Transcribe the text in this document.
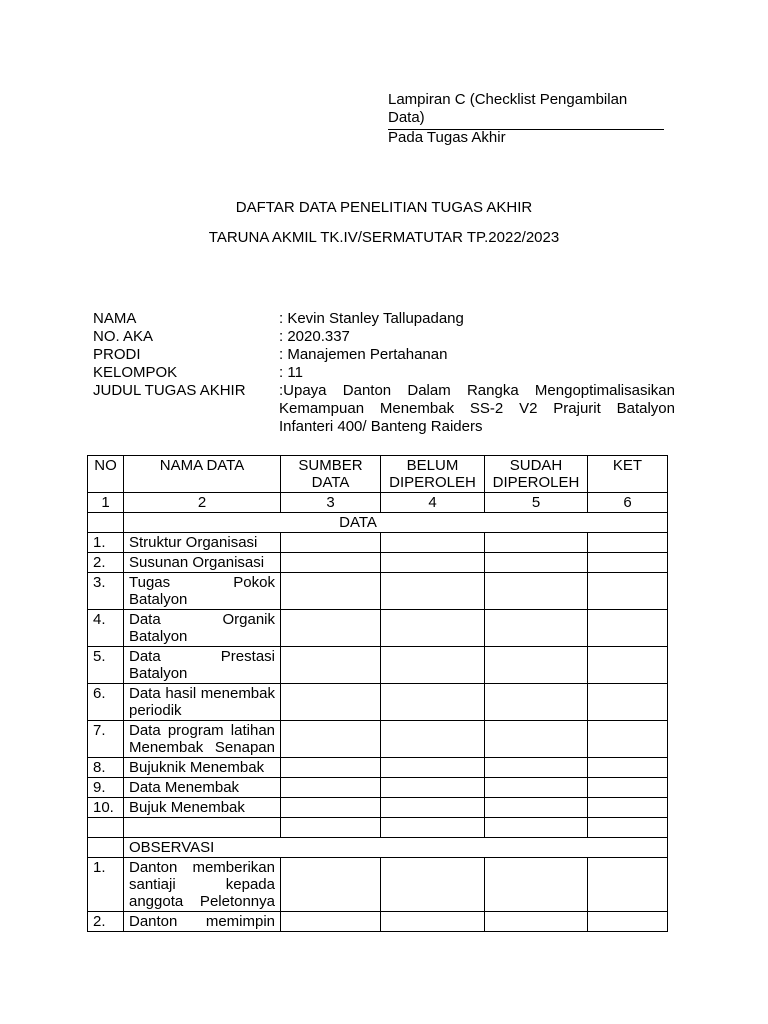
Lampiran C (Checklist Pengambilan
Data)
Pada Tugas Akhir
DAFTAR DATA PENELITIAN TUGAS AKHIR
TARUNA AKMIL TK.IV/SERMATUTAR TP.2022/2023
NAMA	: Kevin Stanley Tallupadang
NO. AKA	: 2020.337
PRODI	: Manajemen Pertahanan
KELOMPOK	: 11
JUDUL TUGAS AKHIR	:Upaya Danton Dalam Rangka Mengoptimalisasikan Kemampuan Menembak SS-2 V2 Prajurit Batalyon Infanteri 400/ Banteng Raiders
NO	NAMA DATA	SUMBER DATA	BELUM DIPEROLEH	SUDAH DIPEROLEH	KET
1	2	3	4	5	6
	DATA				
1.	Struktur Organisasi				
2.	Susunan Organisasi				
3.	Tugas Pokok Batalyon				
4.	Data Organik Batalyon				
5.	Data Prestasi Batalyon				
6.	Data hasil menembak periodik				
7.	Data program latihan Menembak Senapan				
8.	Bujuknik Menembak				
9.	Data Menembak				
10.	Bujuk Menembak				

	OBSERVASI				
1.	Danton memberikan santiaji kepada anggota Peletonnya				
2.	Danton memimpin				
